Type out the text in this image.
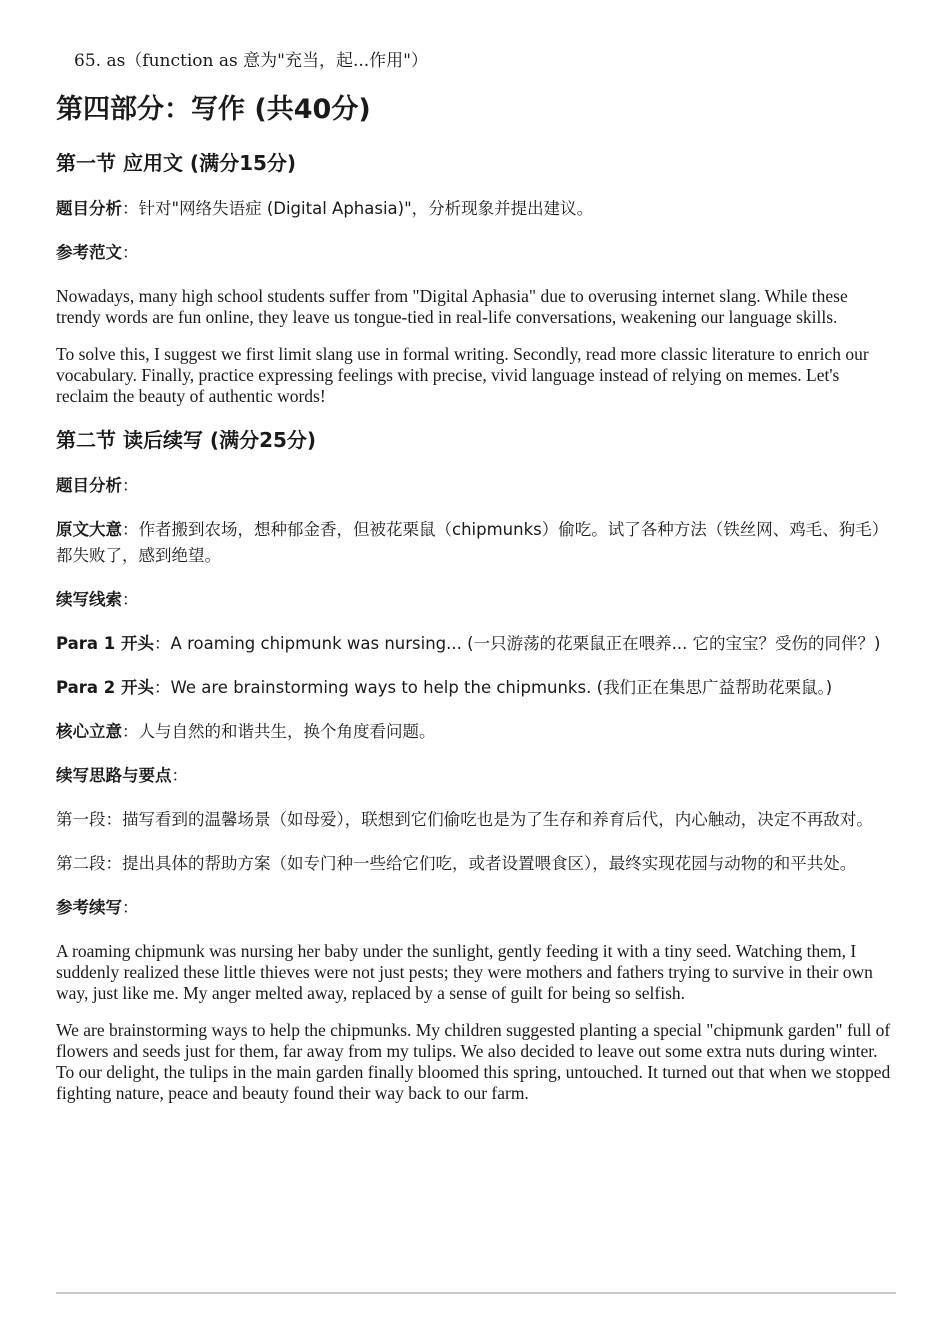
65. as（function as 意为"充当，起...作用"）

第四部分：写作 (共40分)
第一节 应用文 (满分15分)

题目分析：针对"网络失语症 (Digital Aphasia)"，分析现象并提出建议。

参考范文：

Nowadays, many high school students suffer from "Digital Aphasia" due to overusing internet slang. While these trendy words are fun online, they leave us tongue-tied in real-life conversations, weakening our language skills.

To solve this, I suggest we first limit slang use in formal writing. Secondly, read more classic literature to enrich our vocabulary. Finally, practice expressing feelings with precise, vivid language instead of relying on memes. Let's reclaim the beauty of authentic words!

第二节 读后续写 (满分25分)

题目分析：

原文大意：作者搬到农场，想种郁金香，但被花栗鼠（chipmunks）偷吃。试了各种方法（铁丝网、鸡毛、狗毛）都失败了，感到绝望。

续写线索：

Para 1 开头：A roaming chipmunk was nursing... (一只游荡的花栗鼠正在喂养... 它的宝宝？受伤的同伴？)

Para 2 开头：We are brainstorming ways to help the chipmunks. (我们正在集思广益帮助花栗鼠。)

核心立意：人与自然的和谐共生，换个角度看问题。

续写思路与要点：

第一段：描写看到的温馨场景（如母爱），联想到它们偷吃也是为了生存和养育后代，内心触动，决定不再敌对。

第二段：提出具体的帮助方案（如专门种一些给它们吃，或者设置喂食区），最终实现花园与动物的和平共处。

参考续写：

A roaming chipmunk was nursing her baby under the sunlight, gently feeding it with a tiny seed. Watching them, I suddenly realized these little thieves were not just pests; they were mothers and fathers trying to survive in their own way, just like me. My anger melted away, replaced by a sense of guilt for being so selfish.

We are brainstorming ways to help the chipmunks. My children suggested planting a special "chipmunk garden" full of flowers and seeds just for them, far away from my tulips. We also decided to leave out some extra nuts during winter. To our delight, the tulips in the main garden finally bloomed this spring, untouched. It turned out that when we stopped fighting nature, peace and beauty found their way back to our farm.
